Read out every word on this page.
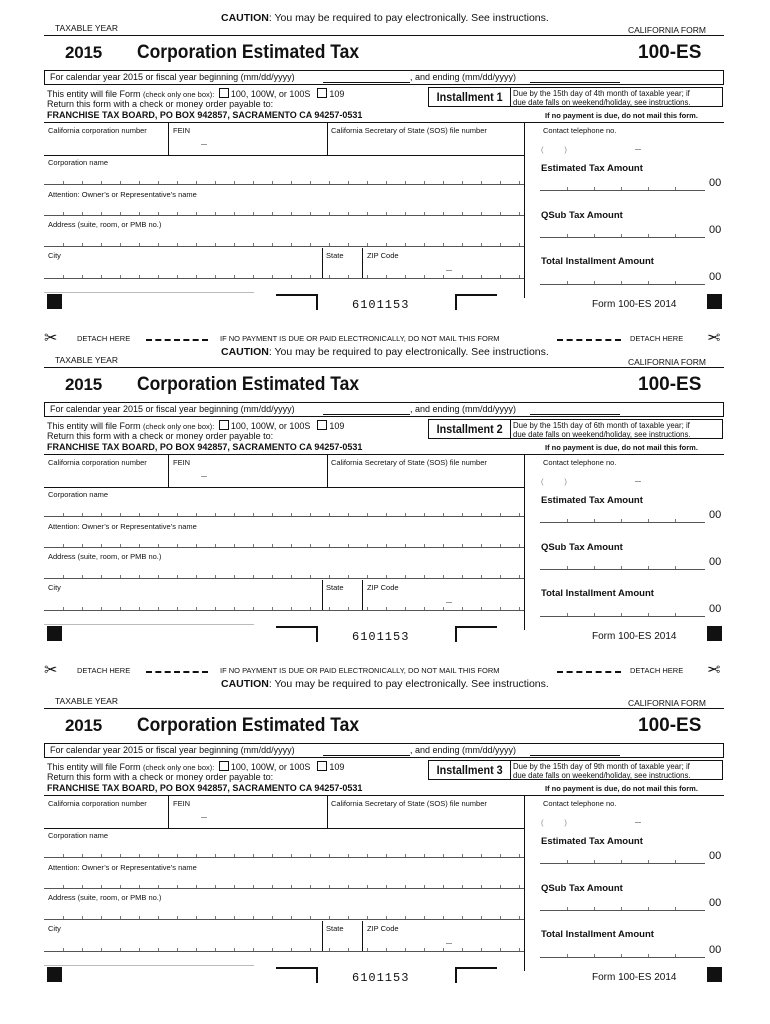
CAUTION: You may be required to pay electronically. See instructions.
TAXABLE YEAR	CALIFORNIA FORM
2015 Corporation Estimated Tax	100-ES
For calendar year 2015 or fiscal year beginning (mm/dd/yyyy)	, and ending (mm/dd/yyyy)
This entity will file Form (check only one box): 100, 100W, or 100S 109
Return this form with a check or money order payable to:
FRANCHISE TAX BOARD, PO BOX 942857, SACRAMENTO CA 94257-0531
Installment 1	Due by the 15th day of 4th month of taxable year; if
due date falls on weekend/holiday, see instructions.
If no payment is due, do not mail this form.
California corporation number	FEIN	California Secretary of State (SOS) file number	Contact telephone no.
(          )
Corporation name
Attention: Owner’s or Representative’s name
Address (suite, room, or PMB no.)
City	State	ZIP Code
Estimated Tax Amount
00
QSub Tax Amount
00
Total Installment Amount
00
6101153	Form 100-ES 2014
TAXABLE YEAR	CALIFORNIA FORM
2015 Corporation Estimated Tax	100-ES
For calendar year 2015 or fiscal year beginning (mm/dd/yyyy)	, and ending (mm/dd/yyyy)
This entity will file Form (check only one box): 100, 100W, or 100S 109
Return this form with a check or money order payable to:
FRANCHISE TAX BOARD, PO BOX 942857, SACRAMENTO CA 94257-0531
Installment 2	Due by the 15th day of 6th month of taxable year; if
due date falls on weekend/holiday, see instructions.
If no payment is due, do not mail this form.
California corporation number	FEIN	California Secretary of State (SOS) file number	Contact telephone no.
(          )
Corporation name
Attention: Owner’s or Representative’s name
Address (suite, room, or PMB no.)
City	State	ZIP Code
Estimated Tax Amount
00
QSub Tax Amount
00
Total Installment Amount
00
6101153	Form 100-ES 2014
TAXABLE YEAR	CALIFORNIA FORM
2015 Corporation Estimated Tax	100-ES
For calendar year 2015 or fiscal year beginning (mm/dd/yyyy)	, and ending (mm/dd/yyyy)
This entity will file Form (check only one box): 100, 100W, or 100S 109
Return this form with a check or money order payable to:
FRANCHISE TAX BOARD, PO BOX 942857, SACRAMENTO CA 94257-0531
Installment 3	Due by the 15th day of 9th month of taxable year; if
due date falls on weekend/holiday, see instructions.
If no payment is due, do not mail this form.
California corporation number	FEIN	California Secretary of State (SOS) file number	Contact telephone no.
(          )
Corporation name
Attention: Owner’s or Representative’s name
Address (suite, room, or PMB no.)
City	State	ZIP Code
Estimated Tax Amount
00
QSub Tax Amount
00
Total Installment Amount
00
6101153	Form 100-ES 2014
✂	DETACH HERE	IF NO PAYMENT IS DUE OR PAID ELECTRONICALLY, DO NOT MAIL THIS FORM	DETACH HERE ✂
CAUTION: You may be required to pay electronically. See instructions.
✂	DETACH HERE	IF NO PAYMENT IS DUE OR PAID ELECTRONICALLY, DO NOT MAIL THIS FORM	DETACH HERE ✂
CAUTION: You may be required to pay electronically. See instructions.
